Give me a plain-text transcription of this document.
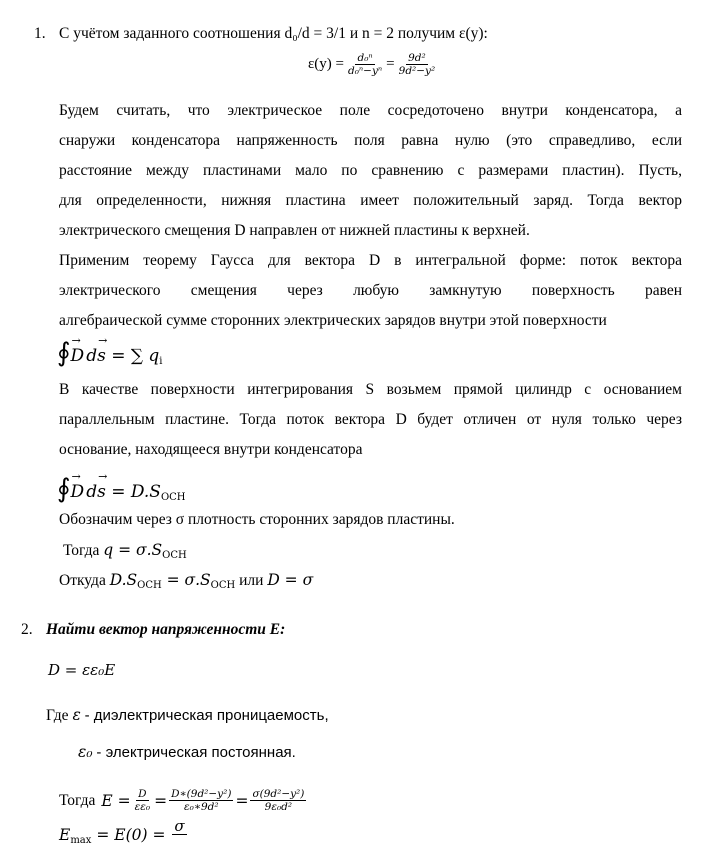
1. С учётом заданного соотношения d₀/d = 3/1 и n = 2 получим ε(y):
$\varepsilon(y) = \frac{\text{d₀ⁿ}}{\text{d₀ⁿ−yⁿ}} = \frac{\text{9d²}}{\text{9d²−y²}}$
Будем считать, что электрическое поле сосредоточено внутри конденсатора, а
снаружи конденсатора напряженность поля равна нулю (это справедливо, если
расстояние между пластинами мало по сравнению с размерами пластин). Пусть,
для определенности, нижняя пластина имеет положительный заряд. Тогда вектор
электрического смещения D направлен от нижней пластины к верхней.
Применим теорему Гаусса для вектора D в интегральной форме: поток вектора
электрического смещения через любую замкнутую поверхность равен
алгебраической сумме сторонних электрических зарядов внутри этой поверхности
∮→ D d→ s = ∑ $q_i$
В качестве поверхности интегрирования S возьмем прямой цилиндр с основанием
параллельным пластине. Тогда поток вектора D будет отличен от нуля только через
основание, находящееся внутри конденсатора
∮→ D $d\to s = D.S_{OCH}$
Обозначим через σ плотность сторонних зарядов пластины.
Тогда $q = \sigma.S_{OCH}$
Откуда $D.S_{OCH} = \sigma.S_{OCH}$ или D = σ
2. Найти вектор напряженности E:
D = εε₀E
Где ε - диэлектрическая проницаемость,
ε₀ - электрическая постоянная.
Тогда $E = \frac{D}{\text{εε₀}} = \frac{\text{D∗(9d²−y²)}}{\text{ε₀∗9d²}} = \frac{\text{σ(9d²−y²)}}{\text{9ε₀d²}}$
$E_{max} = E(0) = \sigma$
